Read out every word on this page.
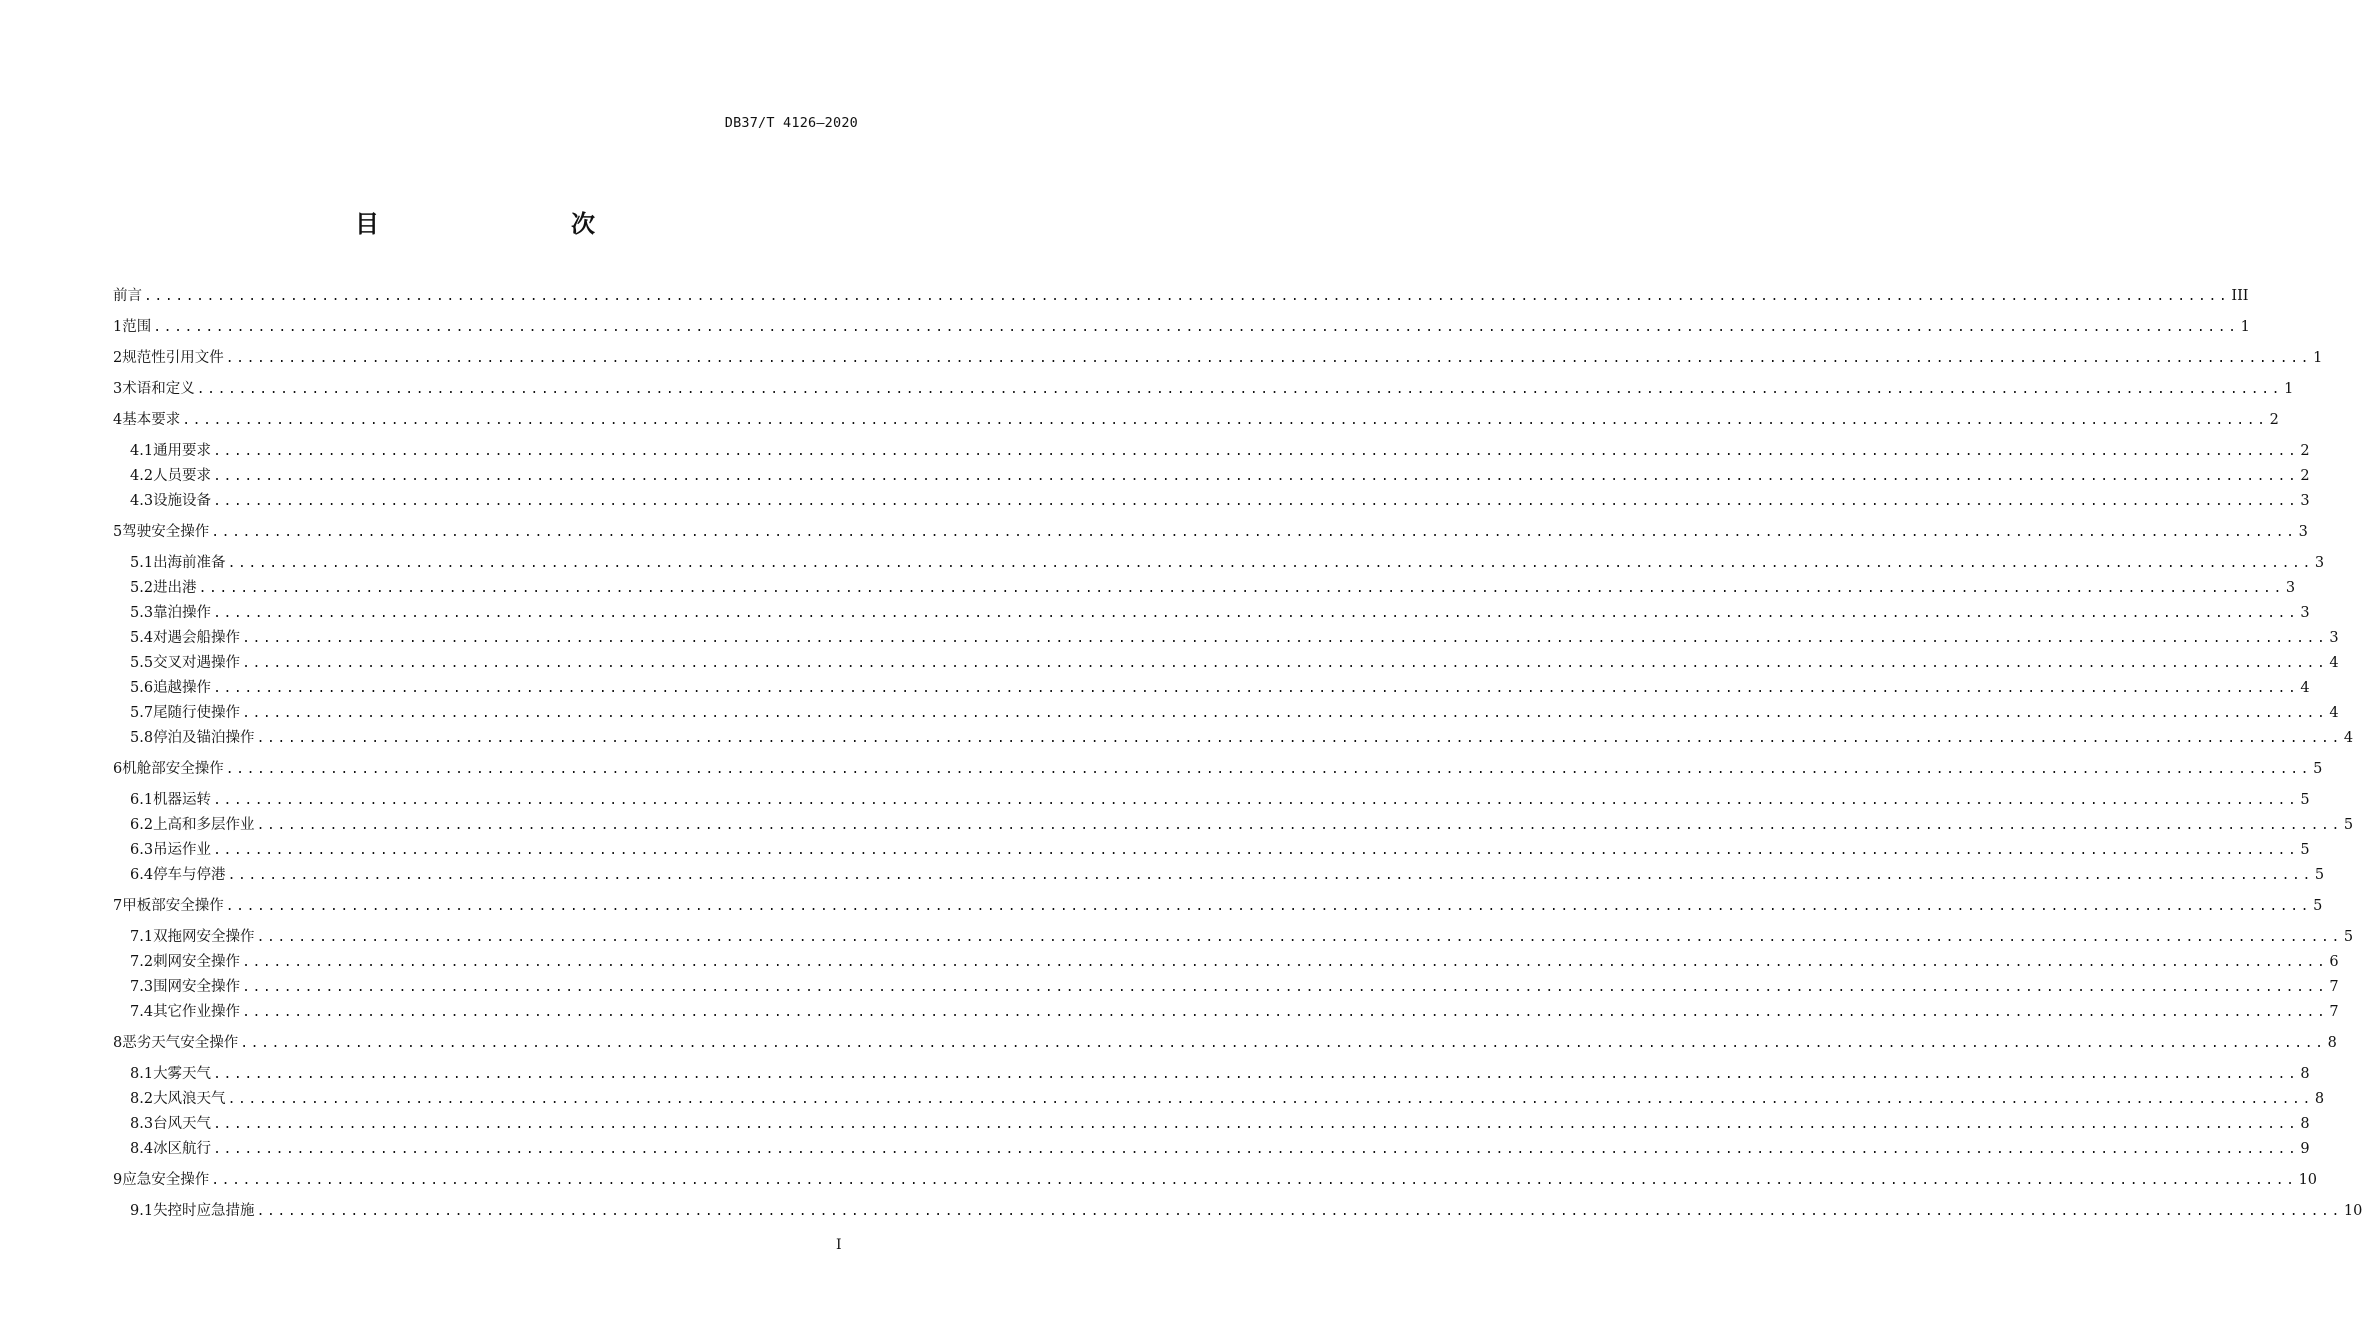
DB37/T 4126—2020
目　　次
前言 ........................................................................................................................................................................................................ III
1 范围 ........................................................................................................................................................................................................ 1
2 规范性引用文件 ........................................................................................................................................................................................................ 1
3 术语和定义 ........................................................................................................................................................................................................ 1
4 基本要求 ........................................................................................................................................................................................................ 2
4.1 通用要求 ........................................................................................................................................................................................................ 2
4.2 人员要求 ........................................................................................................................................................................................................ 2
4.3 设施设备 ........................................................................................................................................................................................................ 3
5 驾驶安全操作 ........................................................................................................................................................................................................ 3
5.1 出海前准备 ........................................................................................................................................................................................................ 3
5.2 进出港 ........................................................................................................................................................................................................ 3
5.3 靠泊操作 ........................................................................................................................................................................................................ 3
5.4 对遇会船操作 ........................................................................................................................................................................................................ 3
5.5 交叉对遇操作 ........................................................................................................................................................................................................ 4
5.6 追越操作 ........................................................................................................................................................................................................ 4
5.7 尾随行使操作 ........................................................................................................................................................................................................ 4
5.8 停泊及锚泊操作 ........................................................................................................................................................................................................ 4
6 机舱部安全操作 ........................................................................................................................................................................................................ 5
6.1 机器运转 ........................................................................................................................................................................................................ 5
6.2 上高和多层作业 ........................................................................................................................................................................................................ 5
6.3 吊运作业 ........................................................................................................................................................................................................ 5
6.4 停车与停港 ........................................................................................................................................................................................................ 5
7 甲板部安全操作 ........................................................................................................................................................................................................ 5
7.1 双拖网安全操作 ........................................................................................................................................................................................................ 5
7.2 刺网安全操作 ........................................................................................................................................................................................................ 6
7.3 围网安全操作 ........................................................................................................................................................................................................ 7
7.4 其它作业操作 ........................................................................................................................................................................................................ 7
8 恶劣天气安全操作 ........................................................................................................................................................................................................ 8
8.1 大雾天气 ........................................................................................................................................................................................................ 8
8.2 大风浪天气 ........................................................................................................................................................................................................ 8
8.3 台风天气 ........................................................................................................................................................................................................ 8
8.4 冰区航行 ........................................................................................................................................................................................................ 9
9 应急安全操作 ........................................................................................................................................................................................................ 10
9.1 失控时应急措施 ........................................................................................................................................................................................................ 10
I
